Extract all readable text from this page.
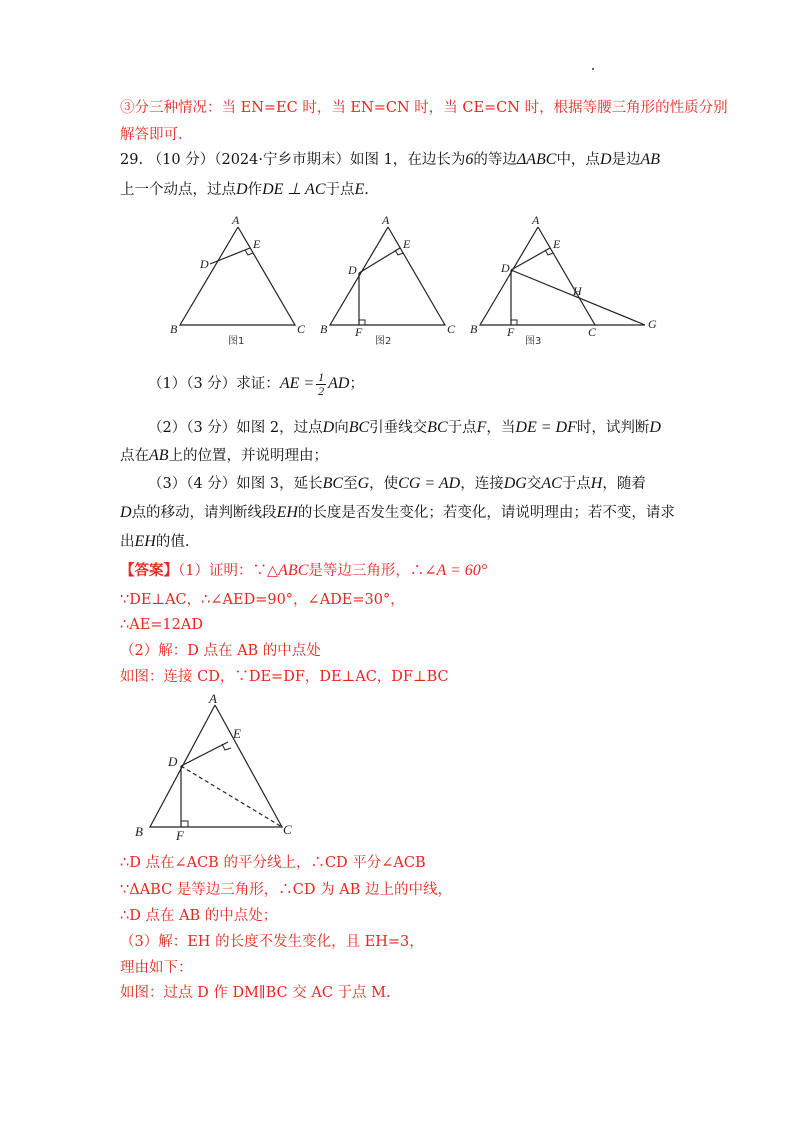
③分三种情况：当 EN=EC 时，当 EN=CN 时，当 CE=CN 时，根据等腰三角形的性质分别
解答即可.
29. （10 分）（2024·宁乡市期末）如图 1，在边长为6的等边ΔABC中，点D是边AB
上一个动点，过点D作DE ⊥ AC于点E.
A
B	C
D
E
图1
A
B	C
D
E
F
图2
A
B	C
D
E
F
G
H
图3
（1）（3 分）求证：AE = $\frac{1}{2}$ AD；
（2）（3 分）如图 2，过点D向BC引垂线交BC于点F，当DE = DF时，试判断D
点在AB上的位置，并说明理由；
（3）（4 分）如图 3，延长BC至G，使CG = AD，连接DG交AC于点H，随着
D点的移动，请判断线段EH的长度是否发生变化；若变化，请说明理由；若不变，请求
出EH的值.
【答案】（1）证明：∵△ABC是等边三角形，∴∠A = 60°
∵DE⊥AC，∴∠AED=90°，∠ADE=30°，
∴AE=12AD
（2）解：D 点在 AB 的中点处
如图：连接 CD，∵DE=DF，DE⊥AC，DF⊥BC
A
B	C
D
E
F
∴D 点在∠ACB 的平分线上，∴CD 平分∠ACB
∵ΔABC 是等边三角形，∴CD 为 AB 边上的中线，
∴D 点在 AB 的中点处；
（3）解：EH 的长度不发生变化，且 EH=3，
理由如下：
如图：过点 D 作 DM∥BC 交 AC 于点 M.
